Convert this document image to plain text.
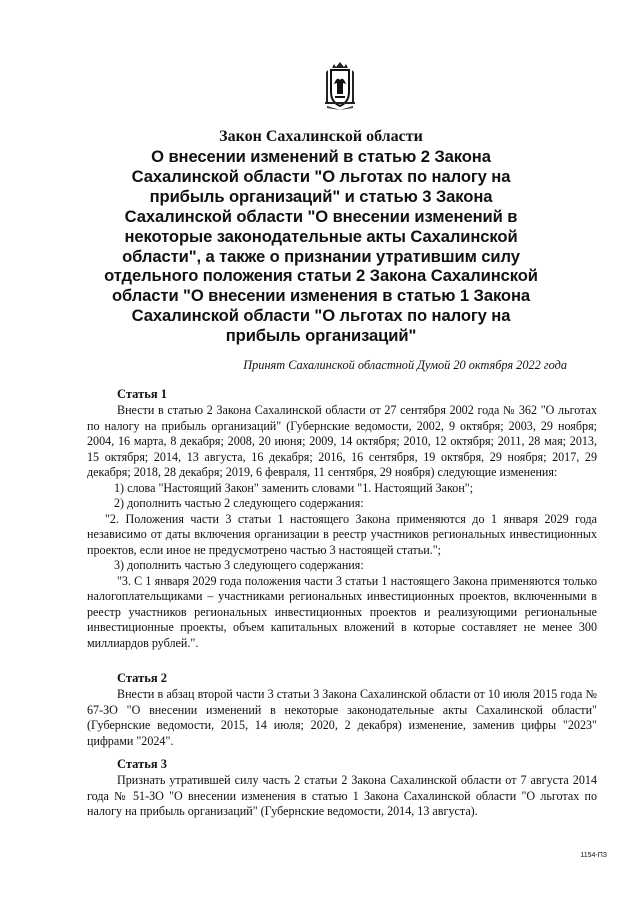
Закон Сахалинской области

О внесении изменений в статью 2 Закона

Сахалинской области "О льготах по налогу на

прибыль организаций" и статью 3 Закона

Сахалинской области "О внесении изменений в

некоторые законодательные акты Сахалинской

области", а также о признании утратившим силу

отдельного положения статьи 2 Закона Сахалинской

области "О внесении изменения в статью 1 Закона

Сахалинской области "О льготах по налогу на

прибыль организаций"

Принят Сахалинской областной Думой 20 октября 2022 года
Статья 1

Внести в статью 2 Закона Сахалинской области от 27 сентября 2002 года № 362 "О льготах по налогу на прибыль организаций" (Губернские ведомости, 2002, 9 октября; 2003, 29 ноября; 2004, 16 марта, 8 декабря; 2008, 20 июня; 2009, 14 октября; 2010, 12 октября; 2011, 28 мая; 2013, 15 октября; 2014, 13 августа, 16 декабря; 2016, 16 сентября, 19 октября, 29 ноября; 2017, 29 декабря; 2018, 28 декабря; 2019, 6 февраля, 11 сентября, 29 ноября) следующие изменения:

1) слова "Настоящий Закон" заменить словами "1. Настоящий Закон";

2) дополнить частью 2 следующего содержания:

"2. Положения части 3 статьи 1 настоящего Закона применяются до 1 января 2029 года независимо от даты включения организации в реестр участников региональных инвестиционных проектов, если иное не предусмотрено частью 3 настоящей статьи.";

3) дополнить частью 3 следующего содержания:

"3. С 1 января 2029 года положения части 3 статьи 1 настоящего Закона применяются только налогоплательщиками – участниками региональных инвестиционных проектов, включенными в реестр участников региональных инвестиционных проектов и реализующими региональные инвестиционные проекты, объем капитальных вложений в которые составляет не менее 300 миллиардов рублей.".

Статья 2

Внести в абзац второй части 3 статьи 3 Закона Сахалинской области от 10 июля 2015 года № 67-ЗО "О внесении изменений в некоторые законодательные акты Сахалинской области" (Губернские ведомости, 2015, 14 июля; 2020, 2 декабря) изменение, заменив цифры "2023" цифрами "2024".

Статья 3

Признать утратившей силу часть 2 статьи 2 Закона Сахалинской области от 7 августа 2014 года № 51-ЗО "О внесении изменения в статью 1 Закона Сахалинской области "О льготах по налогу на прибыль организаций" (Губернские ведомости, 2014, 13 августа).

1154-ПЗ
